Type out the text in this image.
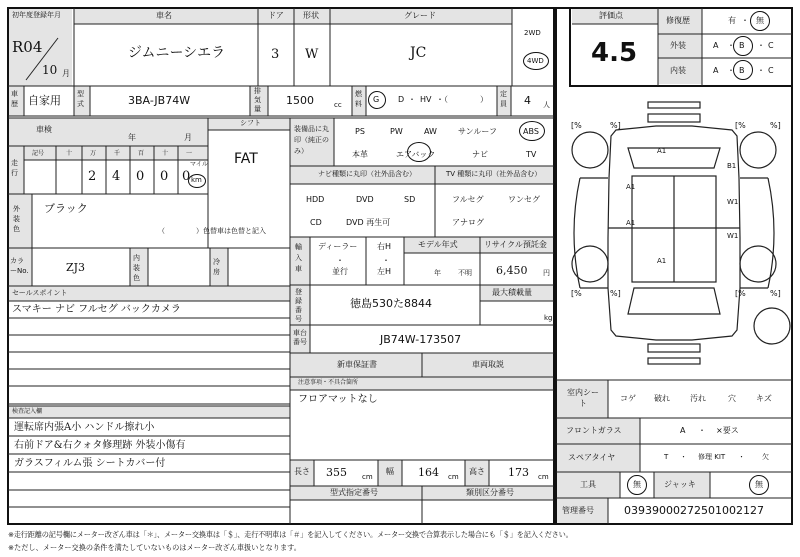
初年度登録年月
R04
10 月
車名
ジムニーシエラ
ドア
3
形状
W
グレード
JC
2WD
4WD
車歴 自家用 型式	3BA-JB74W
排気量
1500	cc
燃料	G D ・ HV ・（	）
定員 4 人
車検
年	月
シフト
FAT
走行
記号	十	万	千	百	十	一
2 4 0 0 0
マイル
km
外装色
ブラック
（	）色替車は色替と記入
カラーNo.	ZJ3
内装色
冷房
セールスポイント
スマキー ナビ フルセグ バックカメラ
検査記入欄
運転席内張A小 ハンドル擦れ小
右前ドア&右クォタ修理跡 外装小傷有
ガラスフィルム張 シートカバー付
装備品に丸印（純正のみ）
PS	PW	AW	サンルーフ	ABS
本革	エアバック	ナビ	TV
ナビ種類に丸印（社外品含む）
HDD	DVD	SD
CD	DVD 再生可
TV 種類に丸印（社外品含む）
フルセグ	ワンセグ
アナログ
輸入車
ディーラー
・
並行
右H
・
左H
モデル年式
年 不明
リサイクル預託金
6,450 円
登録番号
徳島530た8844
最大積載量
kg
車台番号	JB74W-173507
新車保証書	車両取説
注意事項・不具合箇所
フロアマットなし
長さ 355 cm
幅 164 cm
高さ 173 cm
型式指定番号	類別区分番号
評価点
4.5
修復歴	有 ・ 無
外装	A ・ B ・ C
内装	A ・ B ・ C
[%	%]	[%	%]
[%	%]	[%	%]
A1
A1
B1
W1
A1
W1
A1
室内シート
コゲ 破れ	汚れ	穴	キズ
フロントガラス	A ・ ×要ス
スペアタイヤ	T ・ 修理 KIT ・ 欠
工具	無	ジャッキ	無
管理番号	03939000272501002127
※走行距離の記号欄にメーター改ざん車は「＊」、メーター交換車は「＄」、走行不明車は「＃」を記入してください。メーター交換で合算表示した場合にも「＄」を記入ください。
※ただし、メーター交換の条件を満たしていないものはメーター改ざん車扱いとなります。
